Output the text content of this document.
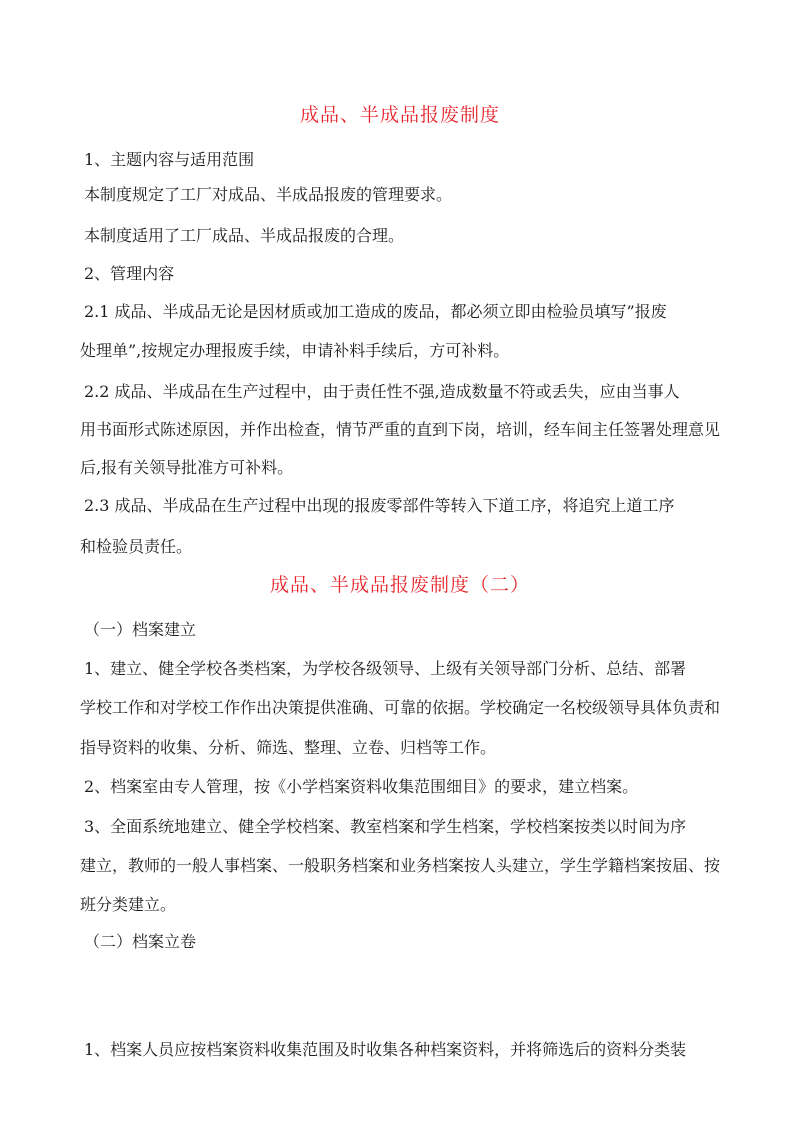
成品、半成品报废制度
1、主题内容与适用范围
本制度规定了工厂对成品、半成品报废的管理要求。
本制度适用了工厂成品、半成品报废的合理。
2、管理内容
2.1 成品、半成品无论是因材质或加工造成的废品，都必须立即由检验员填写”报废
处理单”,按规定办理报废手续，申请补料手续后，方可补料。
2.2 成品、半成品在生产过程中，由于责任性不强,造成数量不符或丢失，应由当事人
用书面形式陈述原因，并作出检查，情节严重的直到下岗，培训，经车间主任签署处理意见
后,报有关领导批准方可补料。
2.3 成品、半成品在生产过程中出现的报废零部件等转入下道工序，将追究上道工序
和检验员责任。
成品、半成品报废制度（二）
（一）档案建立
1、建立、健全学校各类档案，为学校各级领导、上级有关领导部门分析、总结、部署
学校工作和对学校工作作出决策提供准确、可靠的依据。学校确定一名校级领导具体负责和
指导资料的收集、分析、筛选、整理、立卷、归档等工作。
2、档案室由专人管理，按《小学档案资料收集范围细目》的要求，建立档案。
3、全面系统地建立、健全学校档案、教室档案和学生档案，学校档案按类以时间为序
建立，教师的一般人事档案、一般职务档案和业务档案按人头建立，学生学籍档案按届、按
班分类建立。
（二）档案立卷
1、档案人员应按档案资料收集范围及时收集各种档案资料，并将筛选后的资料分类装
